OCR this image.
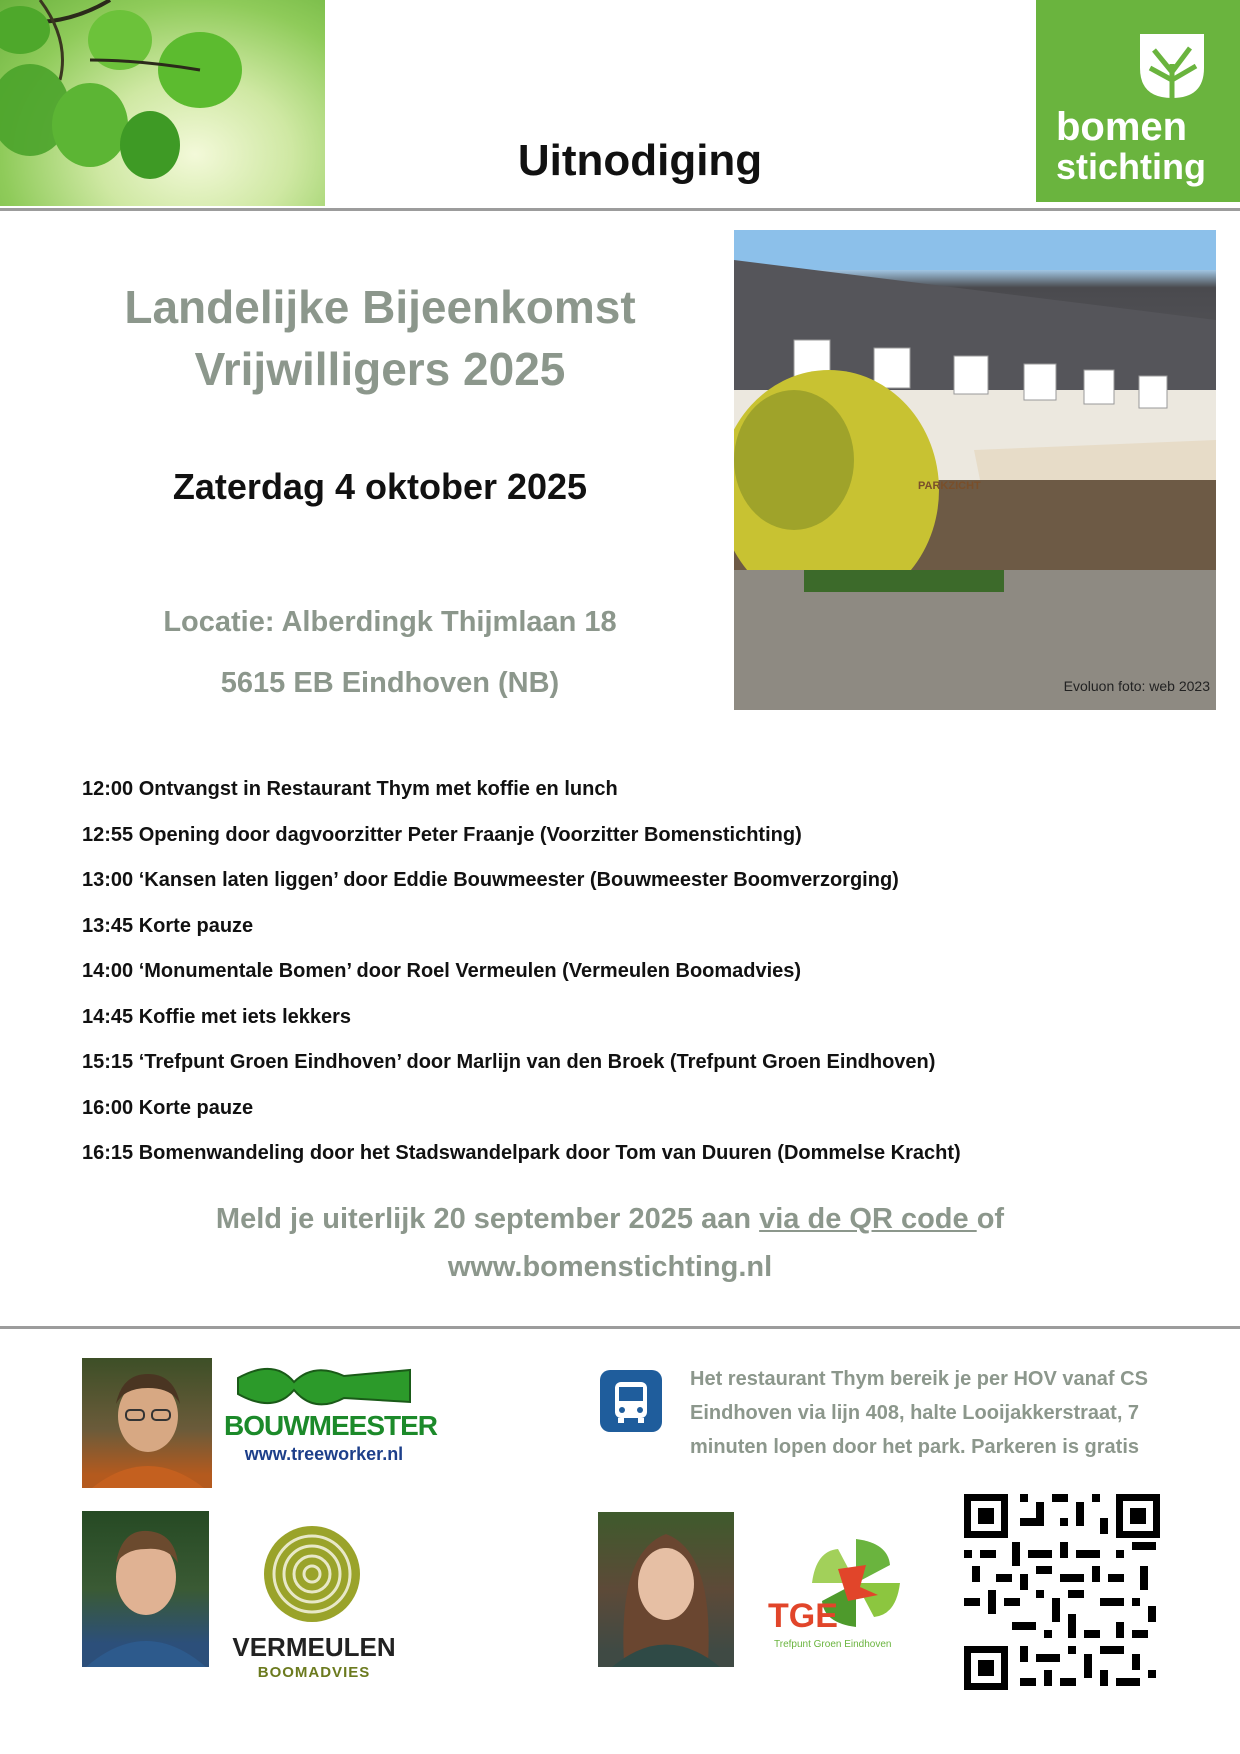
Uitnodiging
bomen
stichting
Landelijke Bijeenkomst
Vrijwilligers 2025
Zaterdag 4 oktober 2025
Locatie: Alberdingk Thijmlaan 18
5615 EB Eindhoven (NB)
PARKZICHT
Evoluon foto: web 2023
12:00 Ontvangst in Restaurant Thym met koffie en lunch
12:55 Opening door dagvoorzitter Peter Fraanje (Voorzitter Bomenstichting)
13:00 ‘Kansen laten liggen’ door Eddie Bouwmeester (Bouwmeester Boomverzorging)
13:45 Korte pauze
14:00 ‘Monumentale Bomen’ door Roel Vermeulen (Vermeulen Boomadvies)
14:45 Koffie met iets lekkers
15:15 ‘Trefpunt Groen Eindhoven’ door Marlijn van den Broek (Trefpunt Groen Eindhoven)
16:00 Korte pauze
16:15 Bomenwandeling door het Stadswandelpark door Tom van Duuren (Dommelse Kracht)
Meld je uiterlijk 20 september 2025 aan via de QR code of
www.bomenstichting.nl
BOUWMEESTER
www.treeworker.nl
VERMEULEN
BOOMADVIES
Het restaurant Thym bereik je per HOV vanaf CS Eindhoven via lijn 408, halte Looijakkerstraat, 7 minuten lopen door het park. Parkeren is gratis
TGE
Trefpunt Groen Eindhoven
